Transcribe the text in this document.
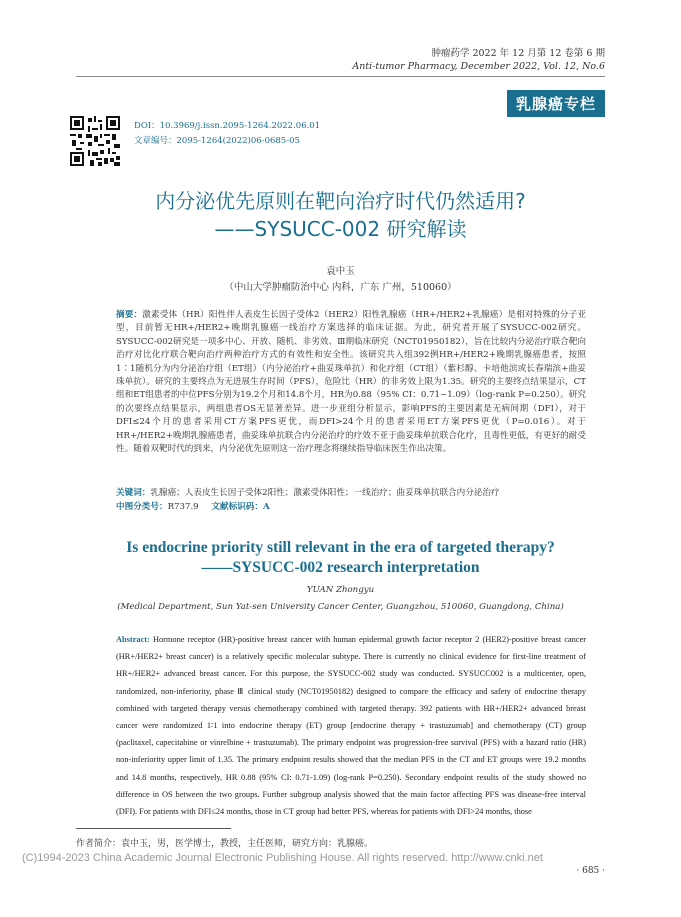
肿瘤药学 2022 年 12 月第 12 卷第 6 期
Anti-tumor Pharmacy, December 2022, Vol. 12, No.6
乳腺癌专栏
DOI：10.3969/j.issn.2095-1264.2022.06.01
文章编号：2095-1264(2022)06-0685-05
内分泌优先原则在靶向治疗时代仍然适用?
——SYSUCC-002 研究解读
袁中玉
（中山大学肿瘤防治中心 内科，广东 广州，510060）

摘要：激素受体（HR）阳性伴人表皮生长因子受体2（HER2）阳性乳腺癌（HR+/HER2+乳腺癌）是相对特殊的分子亚型，目前暂无HR+/HER2+晚期乳腺癌一线治疗方案选择的临床证据。为此，研究者开展了SYSUCC-002研究。SYSUCC-002研究是一项多中心、开放、随机、非劣效、Ⅲ期临床研究（NCT01950182），旨在比较内分泌治疗联合靶向治疗对比化疗联合靶向治疗两种治疗方式的有效性和安全性。该研究共入组392例HR+/HER2+晚期乳腺癌患者，按照1∶1随机分为内分泌治疗组（ET组）（内分泌治疗+曲妥珠单抗）和化疗组（CT组）（紫杉醇、卡培他滨或长春瑞滨+曲妥珠单抗）。研究的主要终点为无进展生存时间（PFS），危险比（HR）的非劣效上限为1.35。研究的主要终点结果显示，CT组和ET组患者的中位PFS分别为19.2个月和14.8个月，HR为0.88（95% CI：0.71~1.09）（log-rank P=0.250）。研究的次要终点结果显示，两组患者OS无显著差异。进一步亚组分析显示，影响PFS的主要因素是无病间期（DFI），对于DFI≤24个月的患者采用CT方案PFS更优，而DFI>24个月的患者采用ET方案PFS更优（P=0.016）。对于HR+/HER2+晚期乳腺癌患者，曲妥珠单抗联合内分泌治疗的疗效不亚于曲妥珠单抗联合化疗，且毒性更低，有更好的耐受性。随着双靶时代的到来，内分泌优先原则这一治疗理念将继续指导临床医生作出决策。

关键词：乳腺癌；人表皮生长因子受体2阳性；激素受体阳性；一线治疗；曲妥珠单抗联合内分泌治疗
中图分类号：R737.9 文献标识码：A
Is endocrine priority still relevant in the era of targeted therapy?
——SYSUCC-002 research interpretation
YUAN Zhongyu
(Medical Department, Sun Yat-sen University Cancer Center, Guangzhou, 510060, Guangdong, China)

Abstract: Hormone receptor (HR)-positive breast cancer with human epidermal growth factor receptor 2 (HER2)-positive breast cancer (HR+/HER2+ breast cancer) is a relatively specific molecular subtype. There is currently no clinical evidence for first-line treatment of HR+/HER2+ advanced breast cancer. For this purpose, the SYSUCC-002 study was conducted. SYSUCC002 is a multicenter, open, randomized, non-inferiority, phase Ⅲ clinical study (NCT01950182) designed to compare the efficacy and safety of endocrine therapy combined with targeted therapy versus chemotherapy combined with targeted therapy. 392 patients with HR+/HER2+ advanced breast cancer were randomized 1∶1 into endocrine therapy (ET) group [endocrine therapy + trastuzumab] and chemotherapy (CT) group (paclitaxel, capecitabine or vinrelbine + trastuzumab). The primary endpoint was progression-free survival (PFS) with a hazard ratio (HR) non-inferiority upper limit of 1.35. The primary endpoint results showed that the median PFS in the CT and ET groups were 19.2 months and 14.8 months, respectively, HR 0.88 (95% CI: 0.71-1.09) (log-rank P=0.250). Secondary endpoint results of the study showed no difference in OS between the two groups. Further subgroup analysis showed that the main factor affecting PFS was disease-free interval (DFI). For patients with DFI≤24 months, those in CT group had better PFS, whereas for patients with DFI>24 months, those

作者简介：袁中玉，男，医学博士，教授，主任医师，研究方向：乳腺癌。
(C)1994-2023 China Academic Journal Electronic Publishing House. All rights reserved. http://www.cnki.net
· 685 ·
